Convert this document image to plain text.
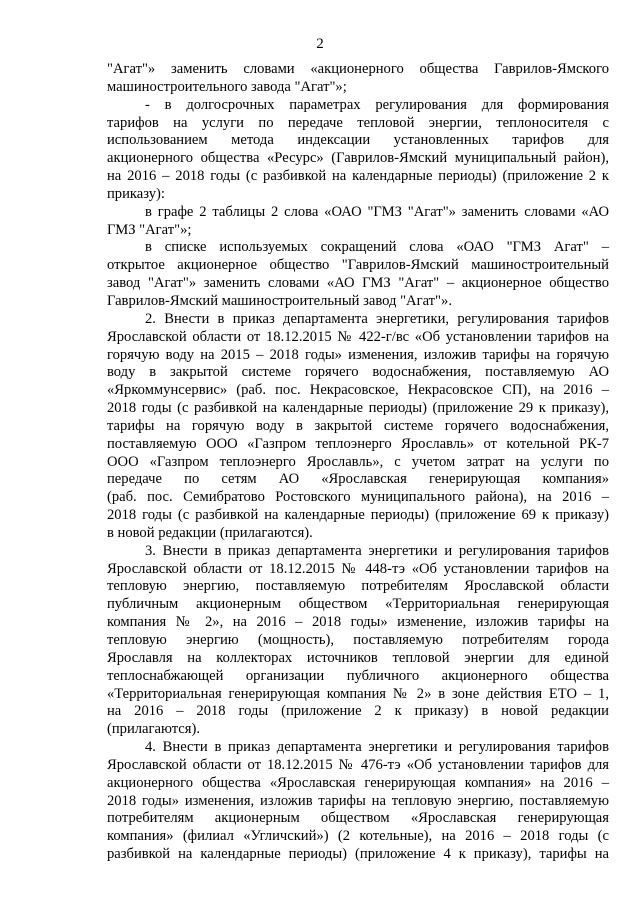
2

"Агат"» заменить словами «акционерного общества Гаврилов-Ямского

машиностроительного завода "Агат"»;

- в долгосрочных параметрах регулирования для формирования

тарифов на услуги по передаче тепловой энергии, теплоносителя с

использованием метода индексации установленных тарифов для

акционерного общества «Ресурс» (Гаврилов-Ямский муниципальный район),

на 2016 – 2018 годы (с разбивкой на календарные периоды) (приложение 2 к

приказу):

в графе 2 таблицы 2 слова «ОАО "ГМЗ "Агат"» заменить словами «АО

ГМЗ "Агат"»;

в списке используемых сокращений слова «ОАО "ГМЗ Агат" –

открытое акционерное общество "Гаврилов-Ямский машиностроительный

завод "Агат"» заменить словами «АО ГМЗ "Агат" – акционерное общество

Гаврилов-Ямский машиностроительный завод "Агат"».

2. Внести в приказ департамента энергетики, регулирования тарифов

Ярославской области от 18.12.2015 № 422-г/вс «Об установлении тарифов на

горячую воду на 2015 – 2018 годы» изменения, изложив тарифы на горячую

воду в закрытой системе горячего водоснабжения, поставляемую АО

«Яркоммунсервис» (раб. пос. Некрасовское, Некрасовское СП), на 2016 –

2018 годы (с разбивкой на календарные периоды) (приложение 29 к приказу),

тарифы на горячую воду в закрытой системе горячего водоснабжения,

поставляемую ООО «Газпром теплоэнерго Ярославль» от котельной РК-7

ООО «Газпром теплоэнерго Ярославль», с учетом затрат на услуги по

передаче по сетям АО «Ярославская генерирующая компания»

(раб. пос. Семибратово Ростовского муниципального района), на 2016 –

2018 годы (с разбивкой на календарные периоды) (приложение 69 к приказу)

в новой редакции (прилагаются).

3. Внести в приказ департамента энергетики и регулирования тарифов

Ярославской области от 18.12.2015 № 448-тэ «Об установлении тарифов на

тепловую энергию, поставляемую потребителям Ярославской области

публичным акционерным обществом «Территориальная генерирующая

компания № 2», на 2016 – 2018 годы» изменение, изложив тарифы на

тепловую энергию (мощность), поставляемую потребителям города

Ярославля на коллекторах источников тепловой энергии для единой

теплоснабжающей организации публичного акционерного общества

«Территориальная генерирующая компания № 2» в зоне действия ЕТО – 1,

на 2016 – 2018 годы (приложение 2 к приказу) в новой редакции

(прилагаются).

4. Внести в приказ департамента энергетики и регулирования тарифов

Ярославской области от 18.12.2015 № 476-тэ «Об установлении тарифов для

акционерного общества «Ярославская генерирующая компания» на 2016 –

2018 годы» изменения, изложив тарифы на тепловую энергию, поставляемую

потребителям акционерным обществом «Ярославская генерирующая

компания» (филиал «Угличский») (2 котельные), на 2016 – 2018 годы (с

разбивкой на календарные периоды) (приложение 4 к приказу), тарифы на
